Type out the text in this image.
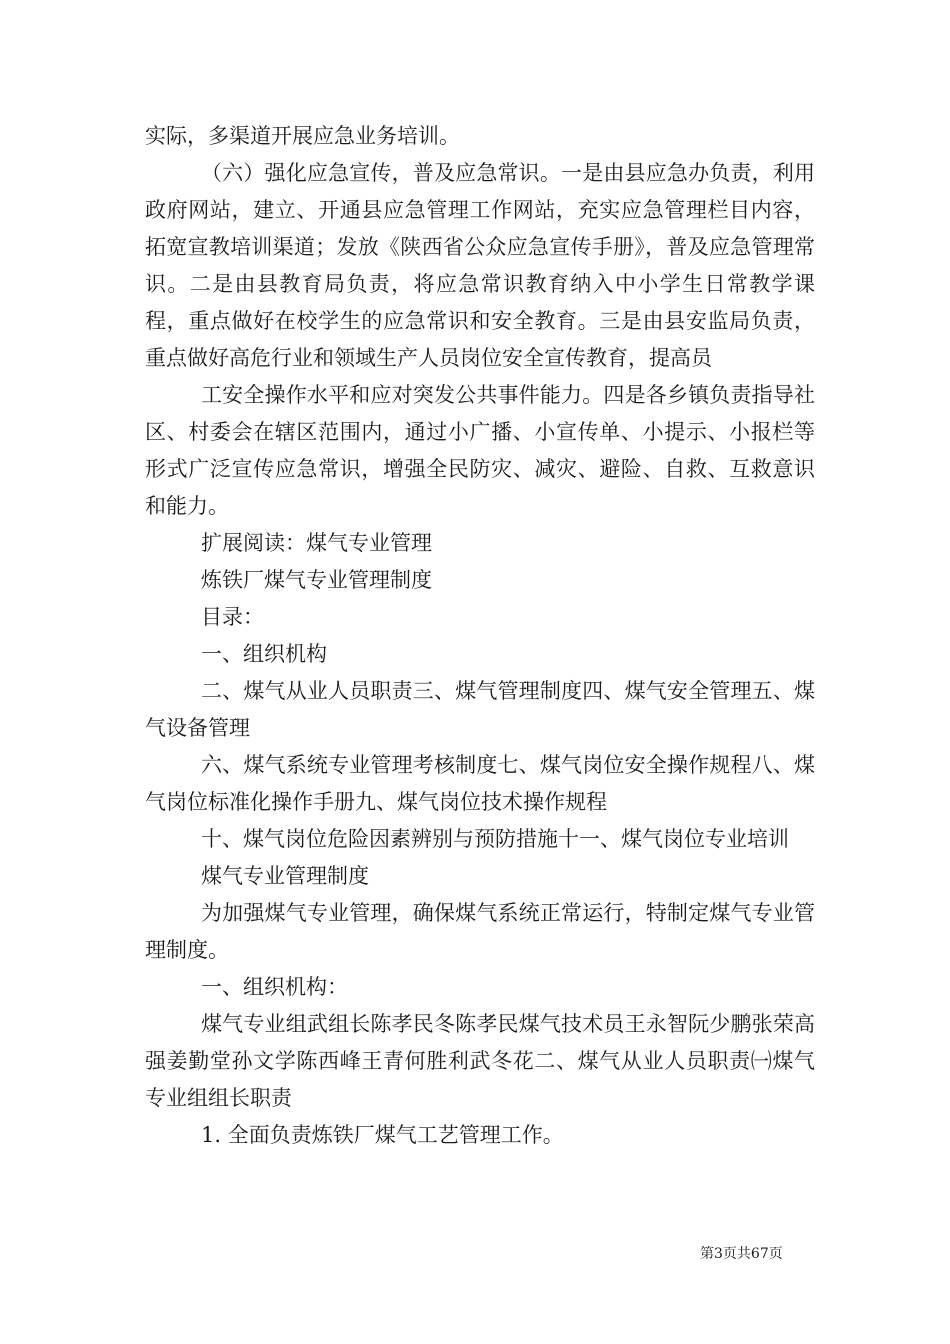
实际，多渠道开展应急业务培训。

（六）强化应急宣传，普及应急常识。一是由县应急办负责，利用政府网站，建立、开通县应急管理工作网站，充实应急管理栏目内容，拓宽宣教培训渠道；发放《陕西省公众应急宣传手册》，普及应急管理常识。二是由县教育局负责，将应急常识教育纳入中小学生日常教学课程，重点做好在校学生的应急常识和安全教育。三是由县安监局负责，重点做好高危行业和领域生产人员岗位安全宣传教育，提高员

工安全操作水平和应对突发公共事件能力。四是各乡镇负责指导社区、村委会在辖区范围内，通过小广播、小宣传单、小提示、小报栏等形式广泛宣传应急常识，增强全民防灾、减灾、避险、自救、互救意识和能力。

扩展阅读：煤气专业管理

炼铁厂煤气专业管理制度

目录：

一、组织机构

二、煤气从业人员职责三、煤气管理制度四、煤气安全管理五、煤气设备管理

六、煤气系统专业管理考核制度七、煤气岗位安全操作规程八、煤气岗位标准化操作手册九、煤气岗位技术操作规程

十、煤气岗位危险因素辨别与预防措施十一、煤气岗位专业培训

煤气专业管理制度

为加强煤气专业管理，确保煤气系统正常运行，特制定煤气专业管理制度。

一、组织机构：

煤气专业组武组长陈孝民冬陈孝民煤气技术员王永智阮少鹏张荣高强姜勤堂孙文学陈西峰王青何胜利武冬花二、煤气从业人员职责㈠煤气专业组组长职责

1. 全面负责炼铁厂煤气工艺管理工作。

第3页共67页
